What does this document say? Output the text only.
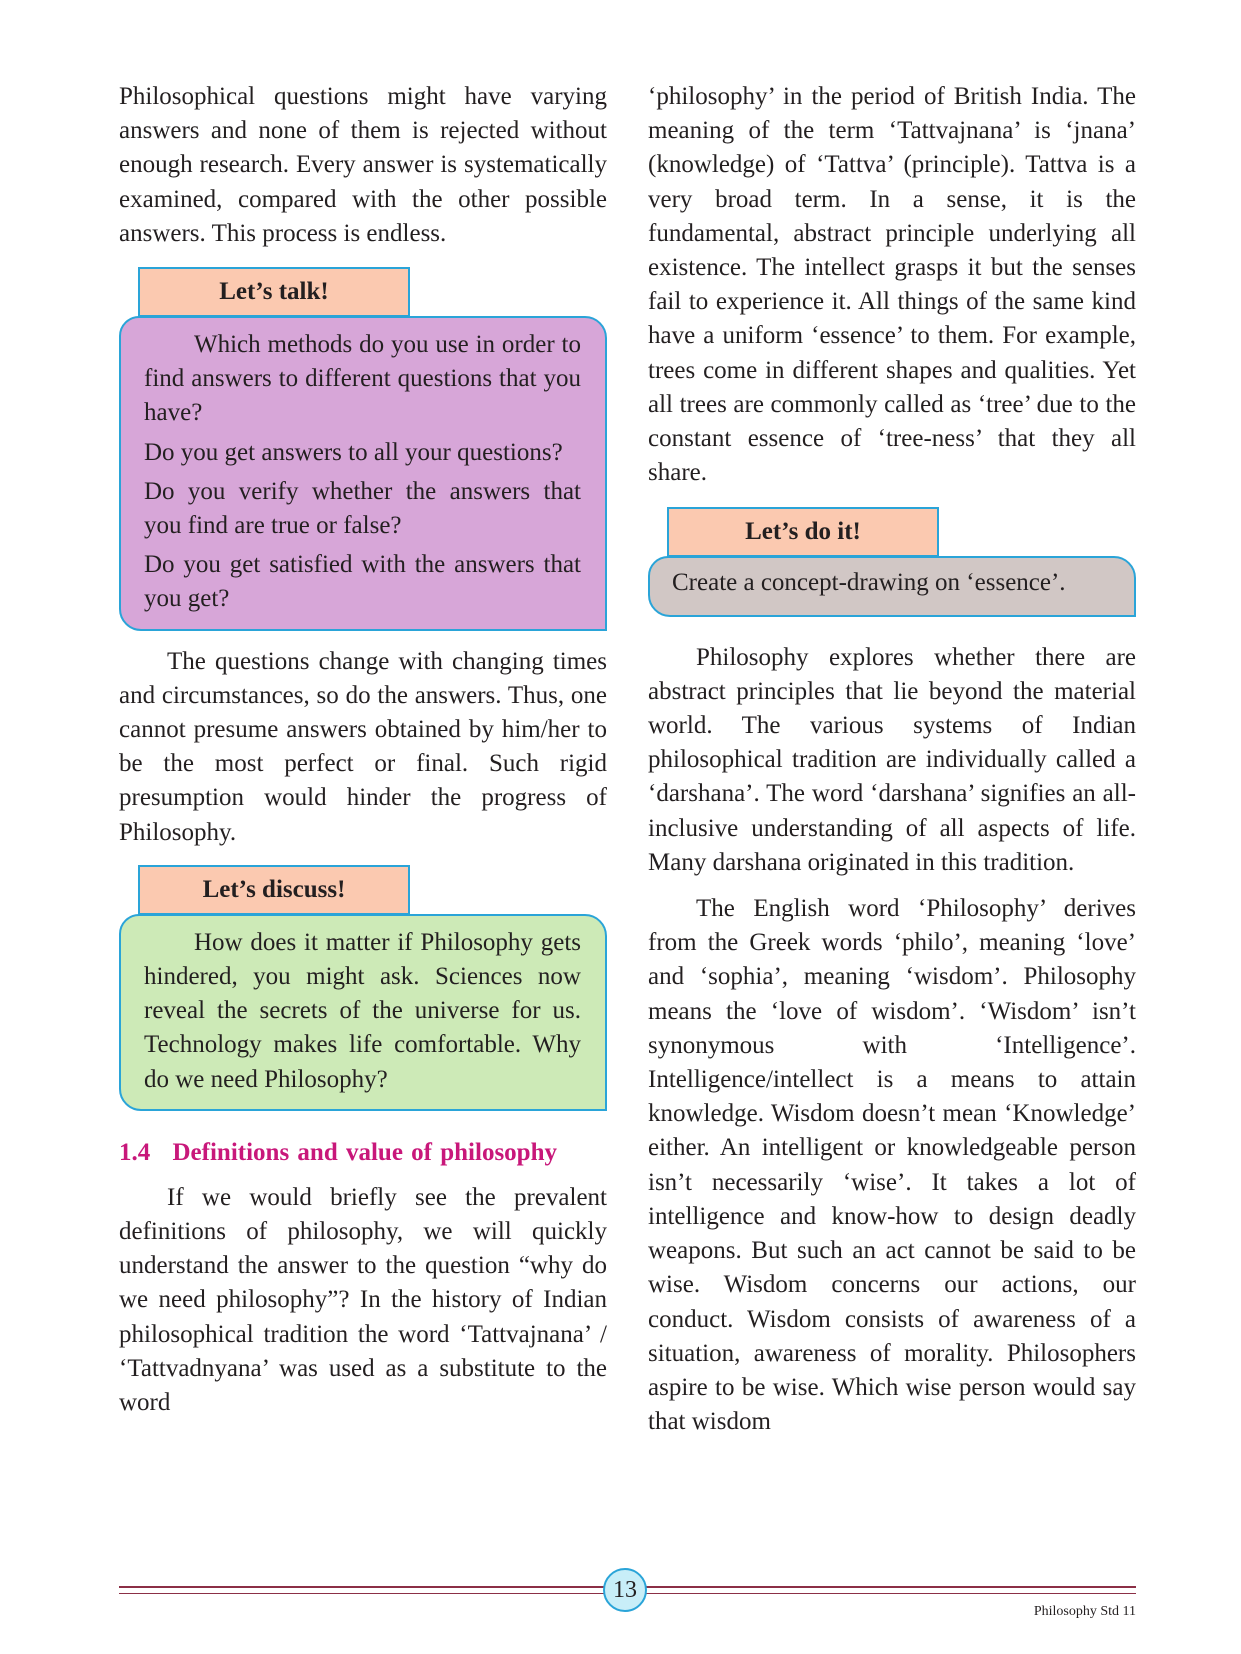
Philosophical questions might have varying answers and none of them is rejected without enough research. Every answer is systematically examined, compared with the other possible answers. This process is endless.

Let’s talk!

Which methods do you use in order to find answers to different questions that you have?

Do you get answers to all your questions?

Do you verify whether the answers that you find are true or false?

Do you get satisfied with the answers that you get?

The questions change with changing times and circumstances, so do the answers. Thus, one cannot presume answers obtained by him/her to be the most perfect or final. Such rigid presumption would hinder the progress of Philosophy.

Let’s discuss!

How does it matter if Philosophy gets hindered, you might ask. Sciences now reveal the secrets of the universe for us. Technology makes life comfortable. Why do we need Philosophy?

1.4 Definitions and value of philosophy

If we would briefly see the prevalent definitions of philosophy, we will quickly understand the answer to the question “why do we need philosophy”? In the history of Indian philosophical tradition the word ‘Tattvajnana’ / ‘Tattvadnyana’ was used as a substitute to the word

‘philosophy’ in the period of British India. The meaning of the term ‘Tattvajnana’ is ‘jnana’ (knowledge) of ‘Tattva’ (principle). Tattva is a very broad term. In a sense, it is the fundamental, abstract principle underlying all existence. The intellect grasps it but the senses fail to experience it. All things of the same kind have a uniform ‘essence’ to them. For example, trees come in different shapes and qualities. Yet all trees are commonly called as ‘tree’ due to the constant essence of ‘tree-ness’ that they all share.

Let’s do it!

Create a concept-drawing on ‘essence’.

Philosophy explores whether there are abstract principles that lie beyond the material world. The various systems of Indian philosophical tradition are individually called a ‘darshana’. The word ‘darshana’ signifies an all-inclusive understanding of all aspects of life. Many darshana originated in this tradition.

The English word ‘Philosophy’ derives from the Greek words ‘philo’, meaning ‘love’ and ‘sophia’, meaning ‘wisdom’. Philosophy means the ‘love of wisdom’. ‘Wisdom’ isn’t synonymous with ‘Intelligence’. Intelligence/intellect is a means to attain knowledge. Wisdom doesn’t mean ‘Knowledge’ either. An intelligent or knowledgeable person isn’t necessarily ‘wise’. It takes a lot of intelligence and know-how to design deadly weapons. But such an act cannot be said to be wise. Wisdom concerns our actions, our conduct. Wisdom consists of awareness of a situation, awareness of morality. Philosophers aspire to be wise. Which wise person would say that wisdom

13
Philosophy Std 11
